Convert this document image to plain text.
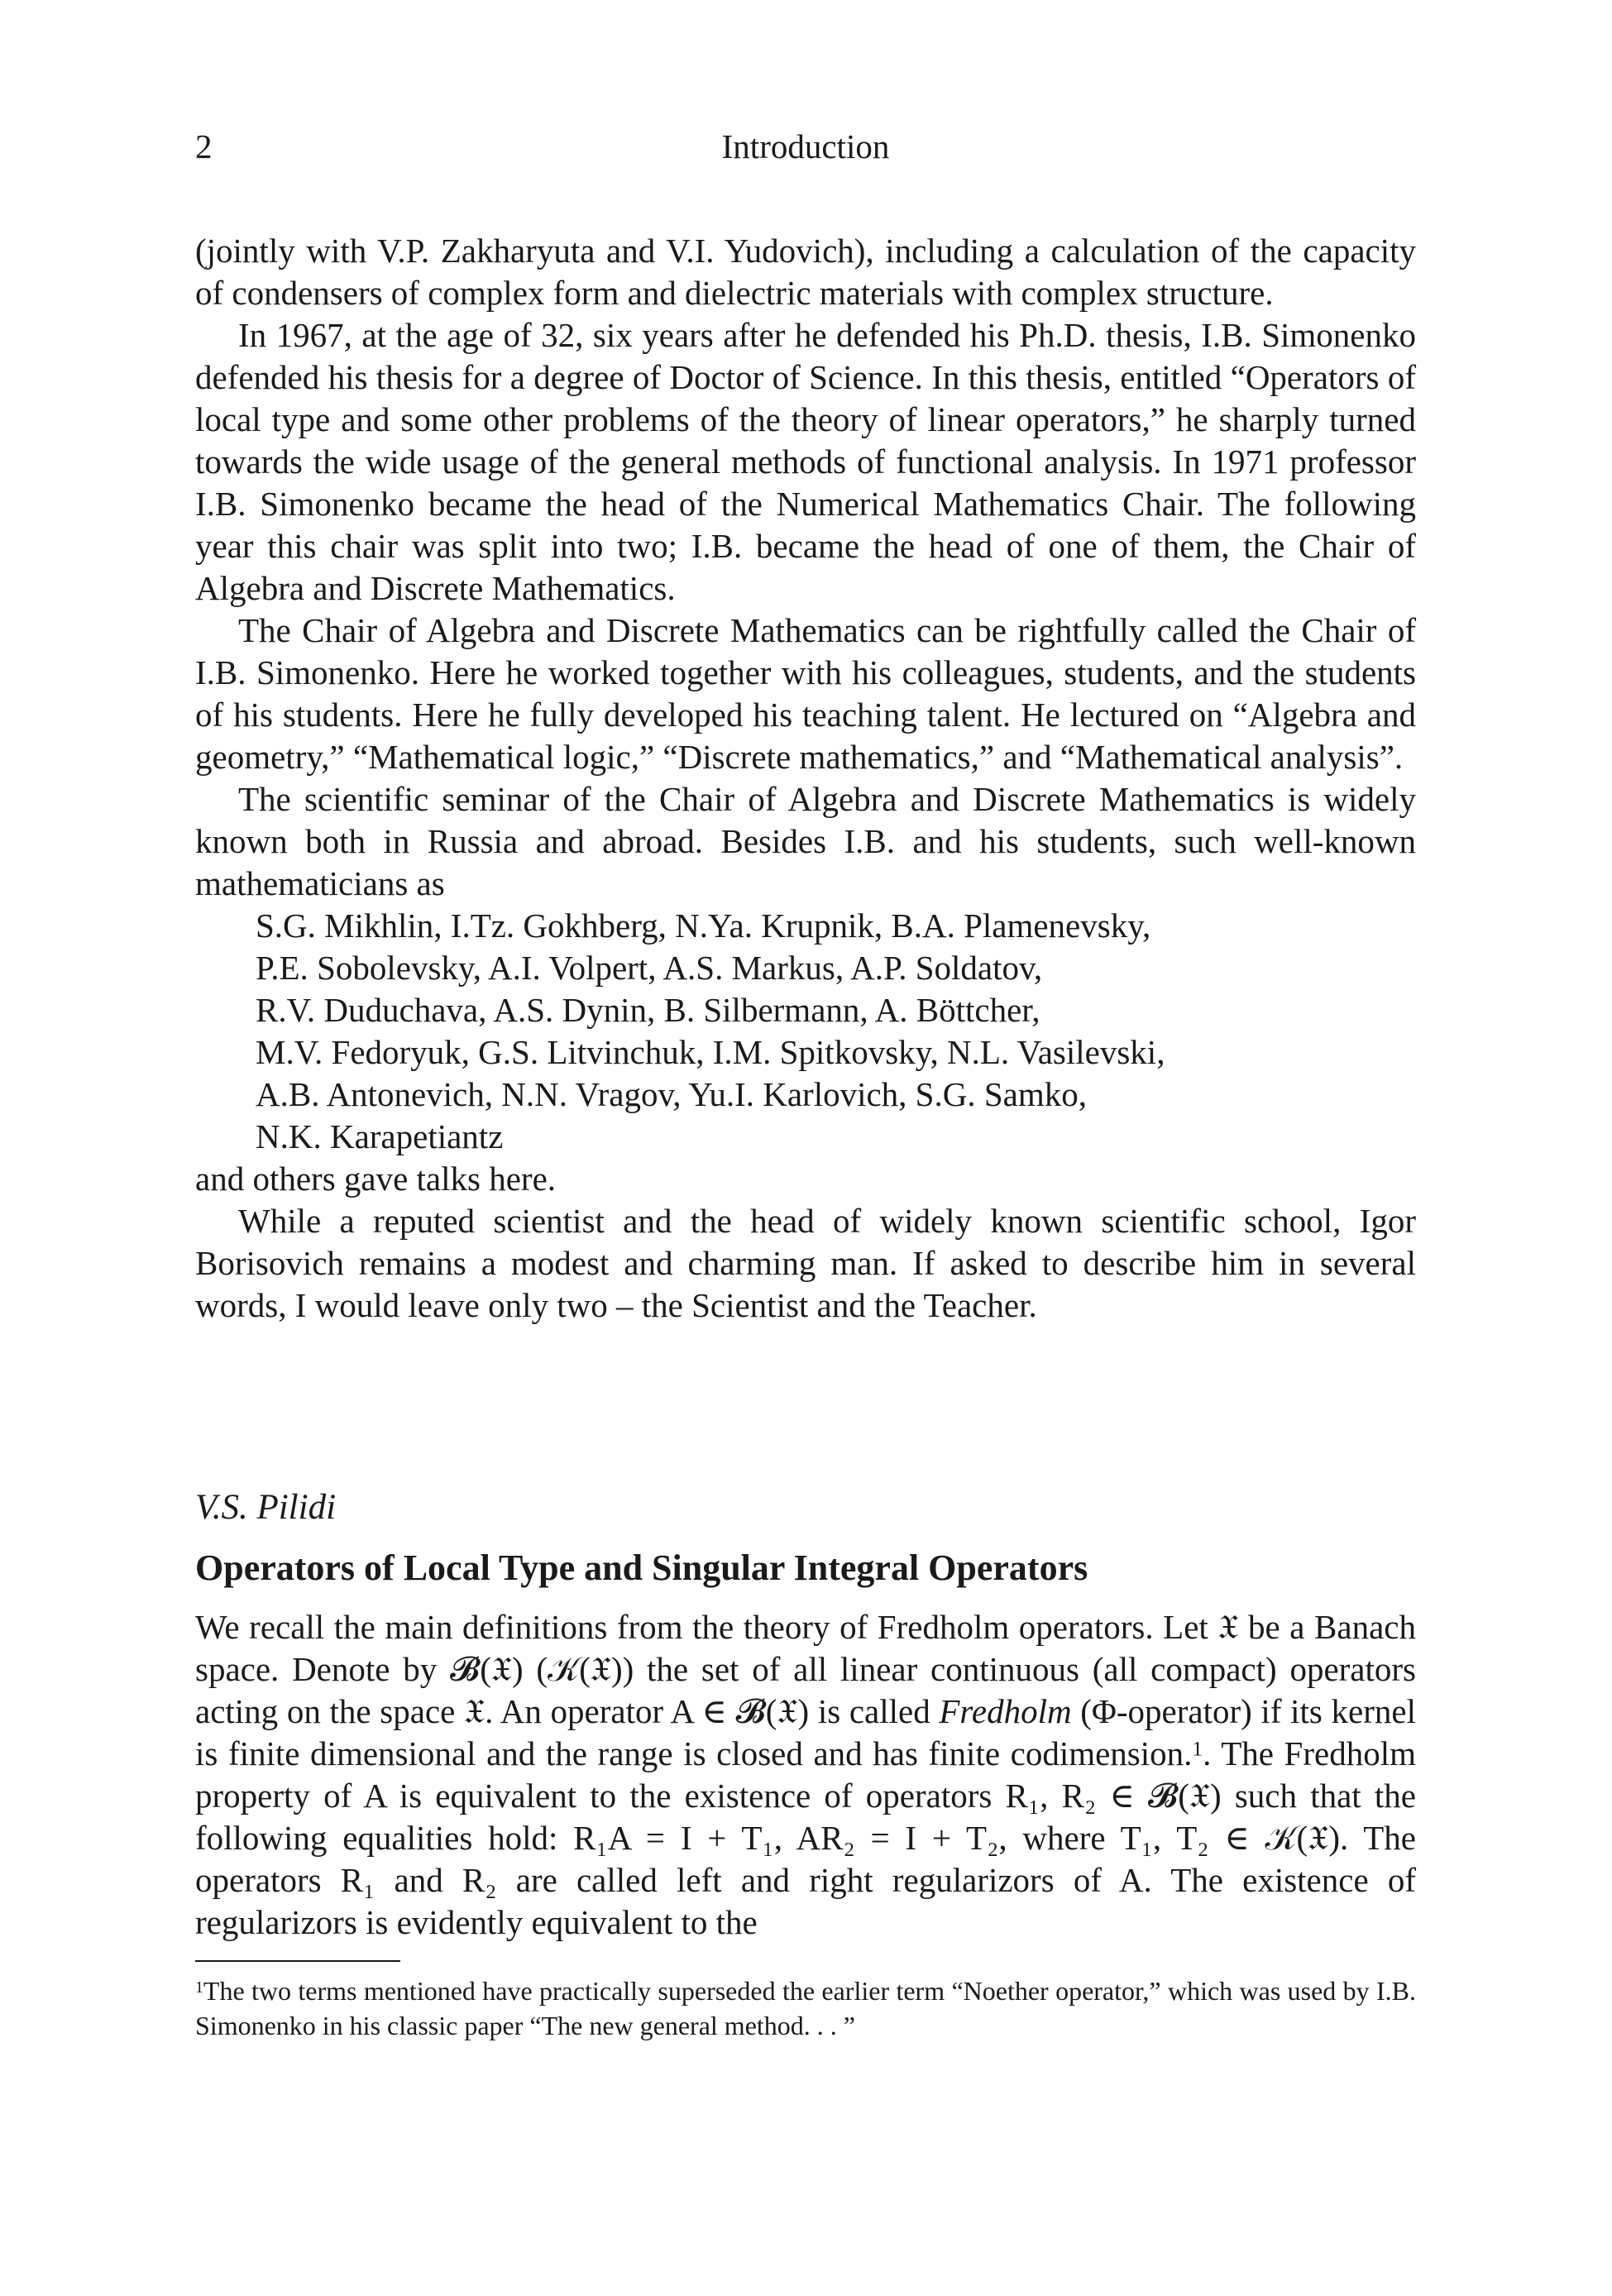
2	Introduction

(jointly with V.P. Zakharyuta and V.I. Yudovich), including a calculation of the capacity of condensers of complex form and dielectric materials with complex structure.

In 1967, at the age of 32, six years after he defended his Ph.D. thesis, I.B. Simonenko defended his thesis for a degree of Doctor of Science. In this thesis, entitled “Operators of local type and some other problems of the theory of linear operators,” he sharply turned towards the wide usage of the general methods of functional analysis. In 1971 professor I.B. Simonenko became the head of the Numerical Mathematics Chair. The following year this chair was split into two; I.B. became the head of one of them, the Chair of Algebra and Discrete Mathematics.

The Chair of Algebra and Discrete Mathematics can be rightfully called the Chair of I.B. Simonenko. Here he worked together with his colleagues, students, and the students of his students. Here he fully developed his teaching talent. He lectured on “Algebra and geometry,” “Mathematical logic,” “Discrete mathematics,” and “Mathematical analysis”.

The scientific seminar of the Chair of Algebra and Discrete Mathematics is widely known both in Russia and abroad. Besides I.B. and his students, such well-known mathematicians as

S.G. Mikhlin, I.Tz. Gokhberg, N.Ya. Krupnik, B.A. Plamenevsky,
P.E. Sobolevsky, A.I. Volpert, A.S. Markus, A.P. Soldatov,
R.V. Duduchava, A.S. Dynin, B. Silbermann, A. Böttcher,
M.V. Fedoryuk, G.S. Litvinchuk, I.M. Spitkovsky, N.L. Vasilevski,
A.B. Antonevich, N.N. Vragov, Yu.I. Karlovich, S.G. Samko,
N.K. Karapetiantz

and others gave talks here.

While a reputed scientist and the head of widely known scientific school, Igor Borisovich remains a modest and charming man. If asked to describe him in several words, I would leave only two – the Scientist and the Teacher.

V.S. Pilidi
Operators of Local Type and Singular Integral Operators

We recall the main definitions from the theory of Fredholm operators. Let 𝔛 be a Banach space. Denote by 𝓑(𝔛) (𝒦(𝔛)) the set of all linear continuous (all compact) operators acting on the space 𝔛. An operator A ∈ 𝓑(𝔛) is called Fredholm (Φ-operator) if its kernel is finite dimensional and the range is closed and has finite codimension.$^1$. The Fredholm property of A is equivalent to the existence of operators R₁, R₂ ∈ 𝓑(𝔛) such that the following equalities hold: R₁A = I + T₁, AR₂ = I + T₂, where T₁, T₂ ∈ 𝒦(𝔛). The operators R₁ and R₂ are called left and right regularizors of A. The existence of regularizors is evidently equivalent to the

$^1$The two terms mentioned have practically superseded the earlier term “Noether operator,” which was used by I.B. Simonenko in his classic paper “The new general method. . . ”
